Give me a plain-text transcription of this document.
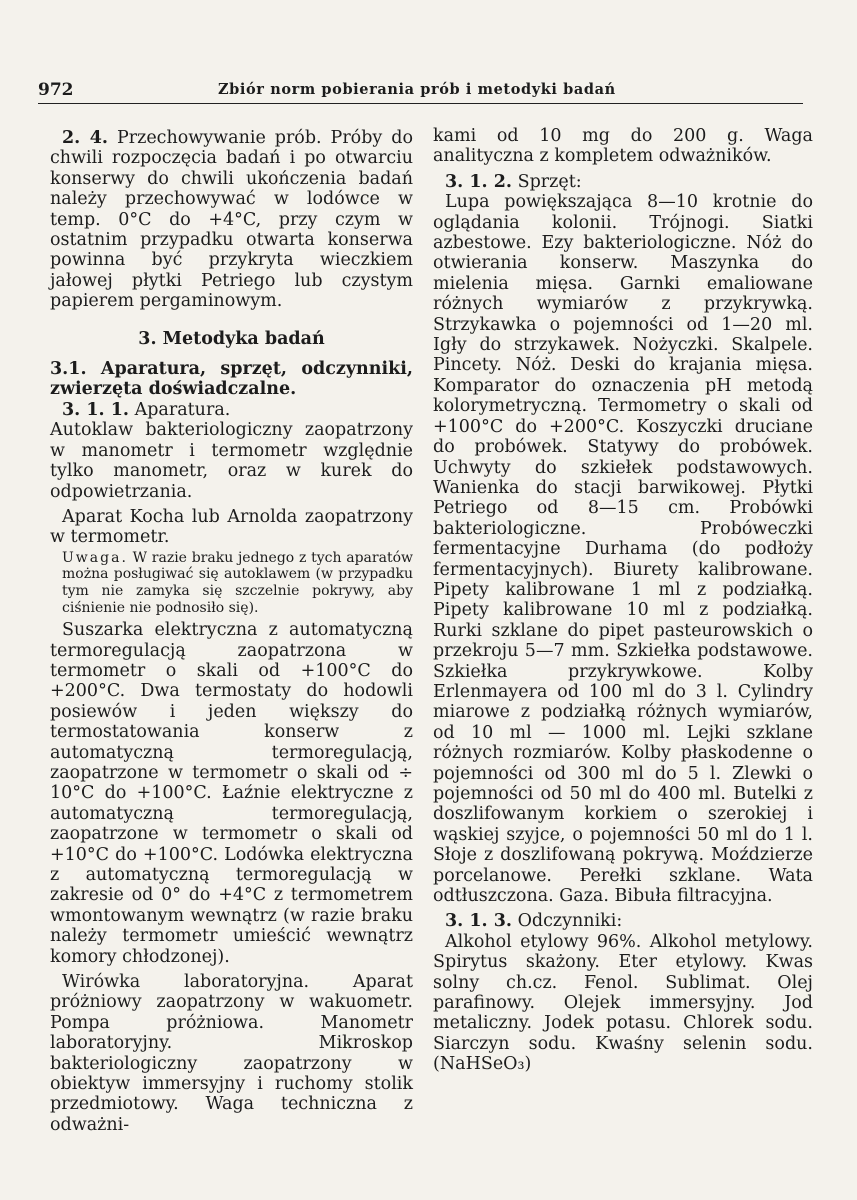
972	Zbiór norm pobierania prób i metodyki badań

2. 4. Przechowywanie prób. Próby do chwili rozpoczęcia badań i po otwarciu konserwy do chwili ukończenia badań należy przechowywać w lodówce w temp. 0°C do +4°C, przy czym w ostatnim przypadku otwarta konserwa powinna być przykryta wieczkiem jałowej płytki Petriego lub czystym papierem pergaminowym.

3. Metodyka badań

3.1. Aparatura, sprzęt, odczynniki, zwierzęta doświadczalne.

3. 1. 1. Aparatura.

Autoklaw bakteriologiczny zaopatrzony w manometr i termometr względnie tylko manometr, oraz w kurek do odpowietrzania.

Aparat Kocha lub Arnolda zaopatrzony w termometr.

Uwaga. W razie braku jednego z tych aparatów można posługiwać się autoklawem (w przypadku tym nie zamyka się szczelnie pokrywy, aby ciśnienie nie podnosiło się).

Suszarka elektryczna z automatyczną termoregulacją zaopatrzona w termometr o skali od +100°C do +200°C. Dwa termostaty do hodowli posiewów i jeden większy do termostatowania konserw z automatyczną termoregulacją, zaopatrzone w termometr o skali od ÷ 10°C do +100°C. Łaźnie elektryczne z automatyczną termoregulacją, zaopatrzone w termometr o skali od +10°C do +100°C. Lodówka elektryczna z automatyczną termoregulacją w zakresie od 0° do +4°C z termometrem wmontowanym wewnątrz (w razie braku należy termometr umieścić wewnątrz komory chłodzonej).

Wirówka laboratoryjna. Aparat próżniowy zaopatrzony w wakuometr. Pompa próżniowa. Manometr laboratoryjny. Mikroskop bakteriologiczny zaopatrzony w obiektyw immersyjny i ruchomy stolik przedmiotowy. Waga techniczna z odważni-

kami od 10 mg do 200 g. Waga analityczna z kompletem odważników.

3. 1. 2. Sprzęt:

Lupa powiększająca 8—10 krotnie do oglądania kolonii. Trójnogi. Siatki azbestowe. Ezy bakteriologiczne. Nóż do otwierania konserw. Maszynka do mielenia mięsa. Garnki emaliowane różnych wymiarów z przykrywką. Strzykawka o pojemności od 1—20 ml. Igły do strzykawek. Nożyczki. Skalpele. Pincety. Nóż. Deski do krajania mięsa. Komparator do oznaczenia pH metodą kolorymetryczną. Termometry o skali od +100°C do +200°C. Koszyczki druciane do probówek. Statywy do probówek. Uchwyty do szkiełek podstawowych. Wanienka do stacji barwikowej. Płytki Petriego od 8—15 cm. Probówki bakteriologiczne. Probóweczki fermentacyjne Durhama (do podłoży fermentacyjnych). Biurety kalibrowane. Pipety kalibrowane 1 ml z podziałką. Pipety kalibrowane 10 ml z podziałką. Rurki szklane do pipet pasteurowskich o przekroju 5—7 mm. Szkiełka podstawowe. Szkiełka przykrywkowe. Kolby Erlenmayera od 100 ml do 3 l. Cylindry miarowe z podziałką różnych wymiarów, od 10 ml — 1000 ml. Lejki szklane różnych rozmiarów. Kolby płaskodenne o pojemności od 300 ml do 5 l. Zlewki o pojemności od 50 ml do 400 ml. Butelki z doszlifowanym korkiem o szerokiej i wąskiej szyjce, o pojemności 50 ml do 1 l. Słoje z doszlifowaną pokrywą. Moździerze porcelanowe. Perełki szklane. Wata odtłuszczona. Gaza. Bibuła filtracyjna.

3. 1. 3. Odczynniki:

Alkohol etylowy 96%. Alkohol metylowy. Spirytus skażony. Eter etylowy. Kwas solny ch.cz. Fenol. Sublimat. Olej parafinowy. Olejek immersyjny. Jod metaliczny. Jodek potasu. Chlorek sodu. Siarczyn sodu. Kwaśny selenin sodu. (NaHSeO₃)
